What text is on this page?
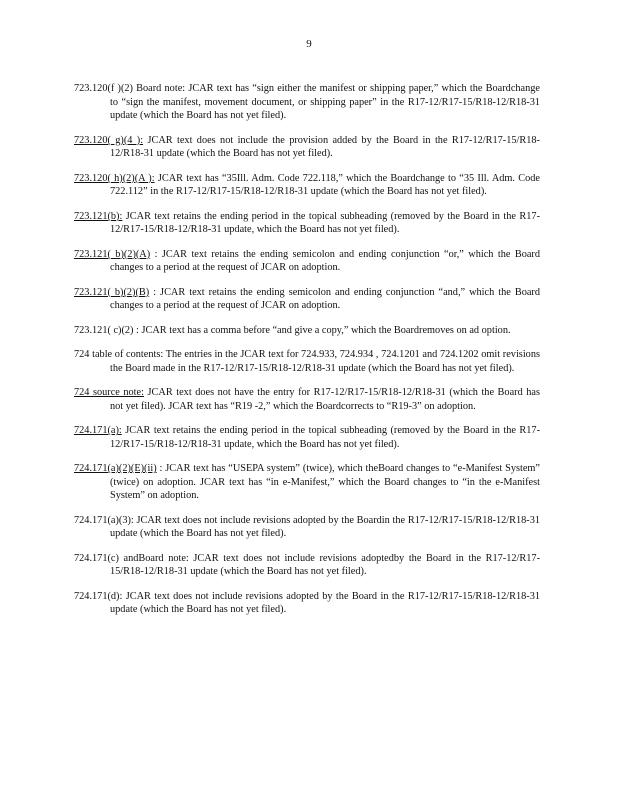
9

723.120(f )(2) Board note: JCAR text has “sign either the manifest or shipping paper,” which the Boardchange to “sign the manifest, movement document, or shipping paper” in the R17-12/R17-15/R18-12/R18-31 update (which the Board has not yet filed).

723.120( g)(4 ): JCAR text does not include the provision added by the Board in the R17-12/R17-15/R18-12/R18-31 update (which the Board has not yet filed).

723.120( h)(2)(A ): JCAR text has “35Ill. Adm. Code 722.118,” which the Boardchange to “35 Ill. Adm. Code 722.112” in the R17-12/R17-15/R18-12/R18-31 update (which the Board has not yet filed).

723.121(b): JCAR text retains the ending period in the topical subheading (removed by the Board in the R17-12/R17-15/R18-12/R18-31 update, which the Board has not yet filed).

723.121( b)(2)(A) : JCAR text retains the ending semicolon and ending conjunction “or,” which the Board changes to a period at the request of JCAR on adoption.

723.121( b)(2)(B) : JCAR text retains the ending semicolon and ending conjunction “and,” which the Board changes to a period at the request of JCAR on adoption.

723.121( c)(2) : JCAR text has a comma before “and give a copy,” which the Boardremoves on ad option.

724 table of contents: The entries in the JCAR text for 724.933, 724.934 , 724.1201 and 724.1202 omit revisions the Board made in the R17-12/R17-15/R18-12/R18-31 update (which the Board has not yet filed).

724 source note: JCAR text does not have the entry for R17-12/R17-15/R18-12/R18-31 (which the Board has not yet filed). JCAR text has “R19 -2,” which the Boardcorrects to “R19-3” on adoption.

724.171(a): JCAR text retains the ending period in the topical subheading (removed by the Board in the R17-12/R17-15/R18-12/R18-31 update, which the Board has not yet filed).

724.171(a)(2)(E)(ii) : JCAR text has “USEPA system” (twice), which theBoard changes to “e-Manifest System” (twice) on adoption. JCAR text has “in e-Manifest,” which the Board changes to “in the e-Manifest System” on adoption.

724.171(a)(3): JCAR text does not include revisions adopted by the Boardin the R17-12/R17-15/R18-12/R18-31 update (which the Board has not yet filed).

724.171(c) andBoard note: JCAR text does not include revisions adoptedby the Board in the R17-12/R17-15/R18-12/R18-31 update (which the Board has not yet filed).

724.171(d): JCAR text does not include revisions adopted by the Board in the R17-12/R17-15/R18-12/R18-31 update (which the Board has not yet filed).
